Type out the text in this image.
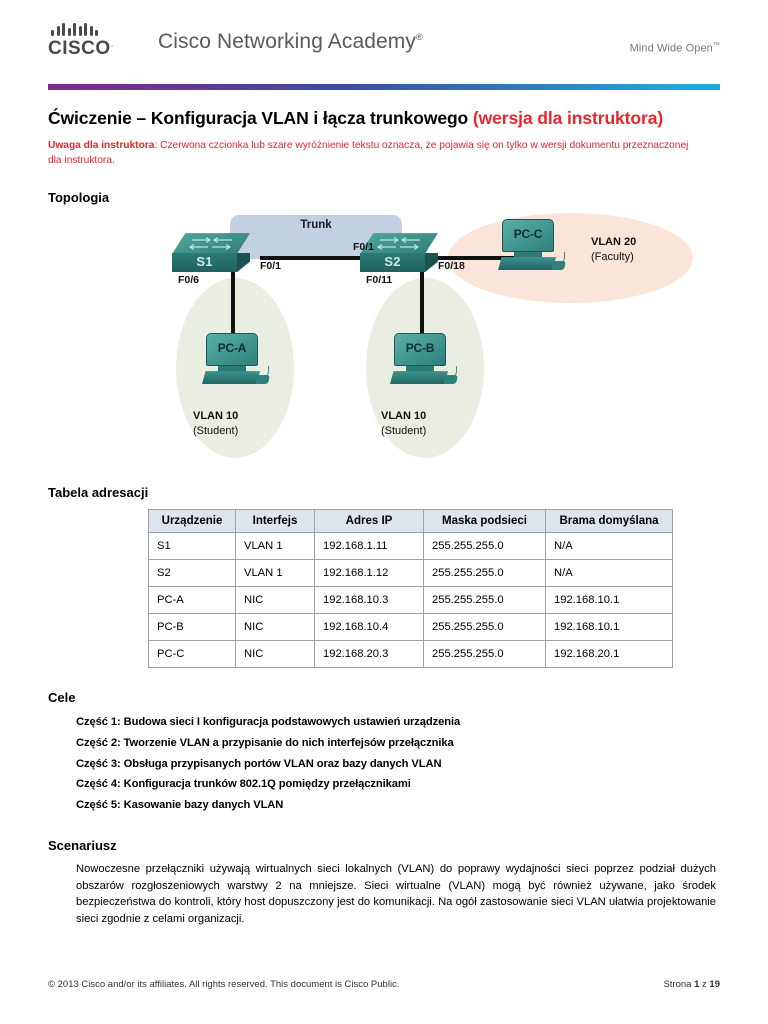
CISCO.	Cisco Networking Academy®
Mind Wide Open™
Ćwiczenie – Konfiguracja VLAN i łącza trunkowego (wersja dla instruktora)
Uwaga dla instruktora: Czerwona czcionka lub szare wyróżnienie tekstu oznacza, że pojawia się on tylko w wersji dokumentu przeznaczonej dla instruktora.
Topologia
Trunk
S1	S2
PC-A	PC-B
PC-C
F0/1
F0/1
F0/18
F0/6	F0/11
VLAN 10
(Student)
VLAN 10
(Student)
VLAN 20
(Faculty)
Tabela adresacji
Urządzenie	Interfejs	Adres IP	Maska podsieci	Brama domyślana
S1	VLAN 1	192.168.1.11	255.255.255.0	N/A
S2	VLAN 1	192.168.1.12	255.255.255.0	N/A
PC-A	NIC	192.168.10.3	255.255.255.0	192.168.10.1
PC-B	NIC	192.168.10.4	255.255.255.0	192.168.10.1
PC-C	NIC	192.168.20.3	255.255.255.0	192.168.20.1
Cele
Część 1: Budowa sieci I konfiguracja podstawowych ustawień urządzenia
Część 2: Tworzenie VLAN a przypisanie do nich interfejsów przełącznika
Część 3: Obsługa przypisanych portów VLAN oraz bazy danych VLAN
Część 4: Konfiguracja trunków 802.1Q pomiędzy przełącznikami
Część 5: Kasowanie bazy danych VLAN
Scenariusz

Nowoczesne przełączniki używają wirtualnych sieci lokalnych (VLAN) do poprawy wydajności sieci poprzez podział dużych obszarów rozgłoszeniowych warstwy 2 na mniejsze. Sieci wirtualne (VLAN) mogą być również używane, jako środek bezpieczeństwa do kontroli, który host dopuszczony jest do komunikacji. Na ogół zastosowanie sieci VLAN ułatwia projektowanie sieci zgodnie z celami organizacji.

© 2013 Cisco and/or its affiliates. All rights reserved. This document is Cisco Public.	Strona 1 z 19
